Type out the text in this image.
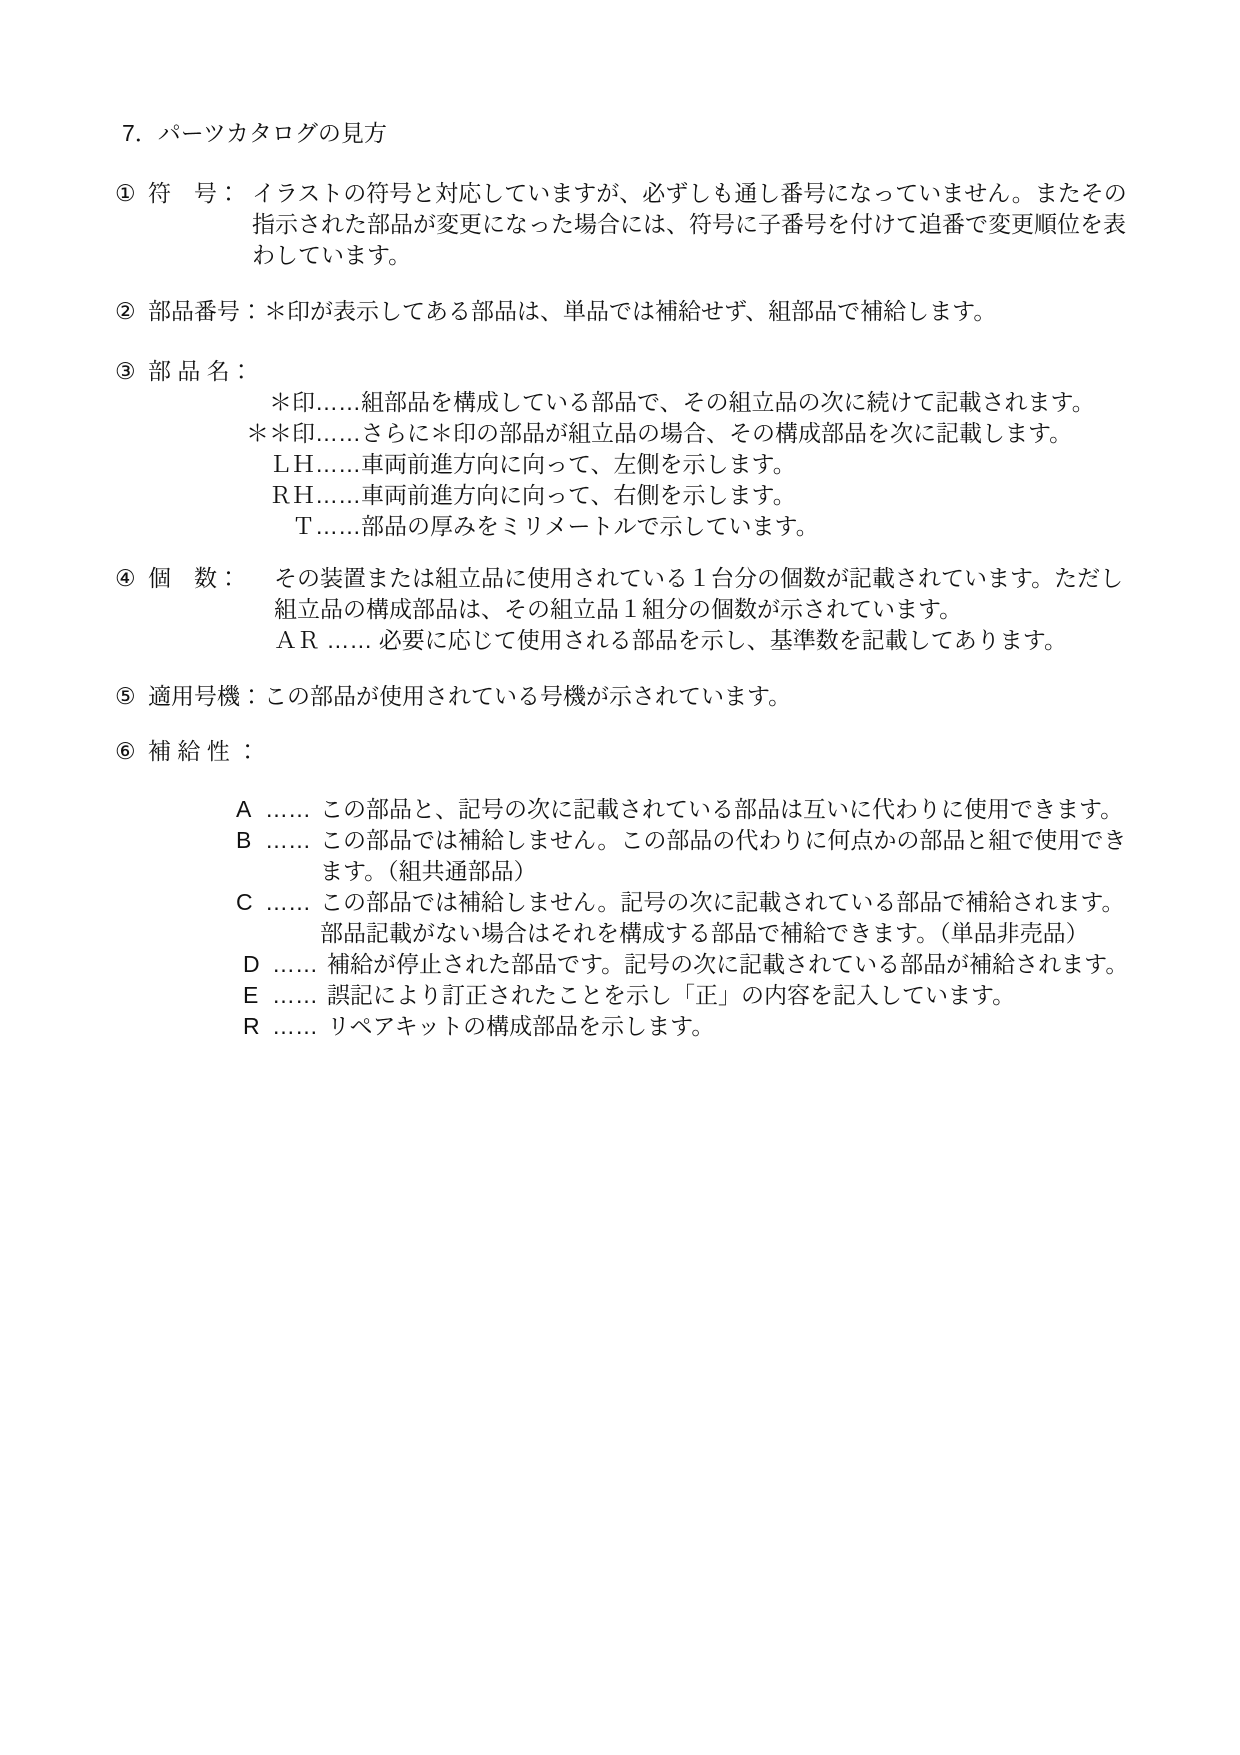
7．パーツカタログの見方
① 符　号： イラストの符号と対応していますが、必ずしも通し番号になっていません。またその指示された部品が変更になった場合には、符号に子番号を付けて追番で変更順位を表わしています。
② 部品番号： ＊印が表示してある部品は、単品では補給せず、組部品で補給します。
③ 部 品 名：
＊印 …… 組部品を構成している部品で、その組立品の次に続けて記載されます。
＊＊印 …… さらに＊印の部品が組立品の場合、その構成部品を次に記載します。
ＬＨ …… 車両前進方向に向って、左側を示します。
ＲＨ …… 車両前進方向に向って、右側を示します。
Ｔ …… 部品の厚みをミリメートルで示しています。
④ 個　数：	その装置または組立品に使用されている１台分の個数が記載されています。ただし組立品の構成部品は、その組立品１組分の個数が示されています。
ＡＲ …… 必要に応じて使用される部品を示し、基準数を記載してあります。
⑤ 適用号機： この部品が使用されている号機が示されています。
⑥ 補 給 性 ：
A …… この部品と、記号の次に記載されている部品は互いに代わりに使用できます。
B …… この部品では補給しません。この部品の代わりに何点かの部品と組で使用できます。（組共通部品）
C …… この部品では補給しません。記号の次に記載されている部品で補給されます。部品記載がない場合はそれを構成する部品で補給できます。（単品非売品）
D …… 補給が停止された部品です。記号の次に記載されている部品が補給されます。
E …… 誤記により訂正されたことを示し「正」の内容を記入しています。
R …… リペアキットの構成部品を示します。
